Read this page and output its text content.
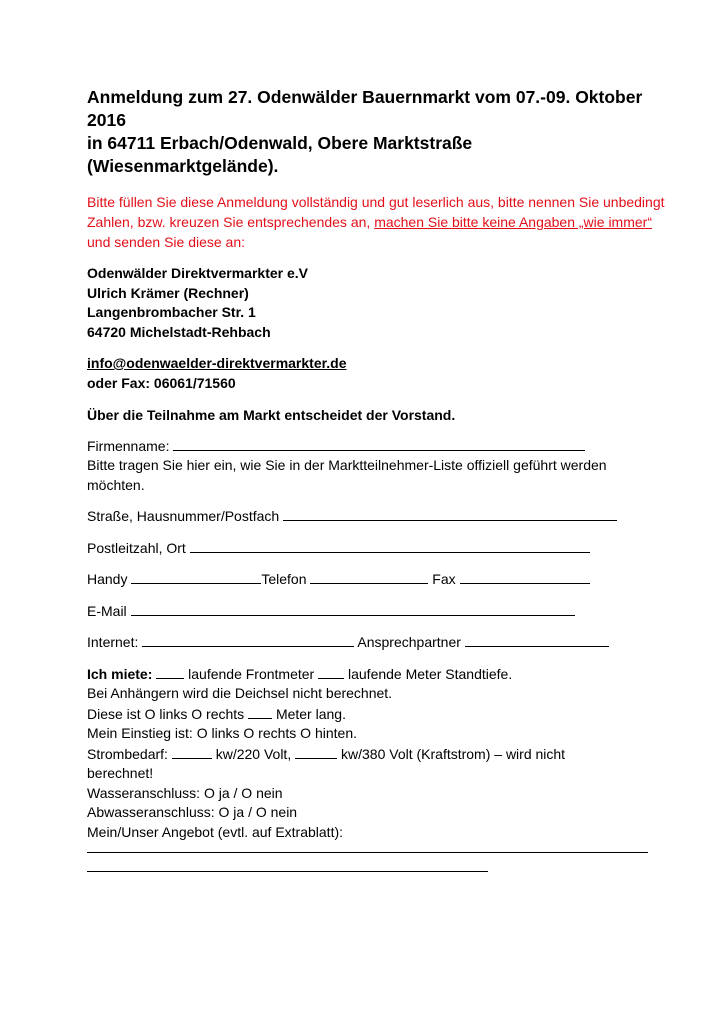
Anmeldung zum 27. Odenwälder Bauernmarkt vom 07.-09. Oktober 2016
in 64711 Erbach/Odenwald, Obere Marktstraße (Wiesenmarktgelände).
Bitte füllen Sie diese Anmeldung vollständig und gut leserlich aus, bitte nennen Sie unbedingt Zahlen, bzw. kreuzen Sie entsprechendes an, machen Sie bitte keine Angaben „wie immer“ und senden Sie diese an:
Odenwälder Direktvermarkter e.V
Ulrich Krämer (Rechner)
Langenbrombacher Str. 1
64720 Michelstadt-Rehbach
info@odenwaelder-direktvermarkter.de
oder Fax: 06061/71560
Über die Teilnahme am Markt entscheidet der Vorstand.
Firmenname:
Bitte tragen Sie hier ein, wie Sie in der Marktteilnehmer-Liste offiziell geführt werden möchten.
Straße, Hausnummer/Postfach
Postleitzahl, Ort
Handy	Telefon	Fax
E-Mail
Internet:	Ansprechpartner
Ich miete:	laufende Frontmeter laufende Meter Standtiefe.
Bei Anhängern wird die Deichsel nicht berechnet.
Diese ist O links O rechts Meter lang.
Mein Einstieg ist: O links O rechts O hinten.
Strombedarf:	kw/220 Volt,	kw/380 Volt (Kraftstrom) – wird nicht
berechnet!
Wasseranschluss: O ja / O nein
Abwasseranschluss: O ja / O nein
Mein/Unser Angebot (evtl. auf Extrablatt):
